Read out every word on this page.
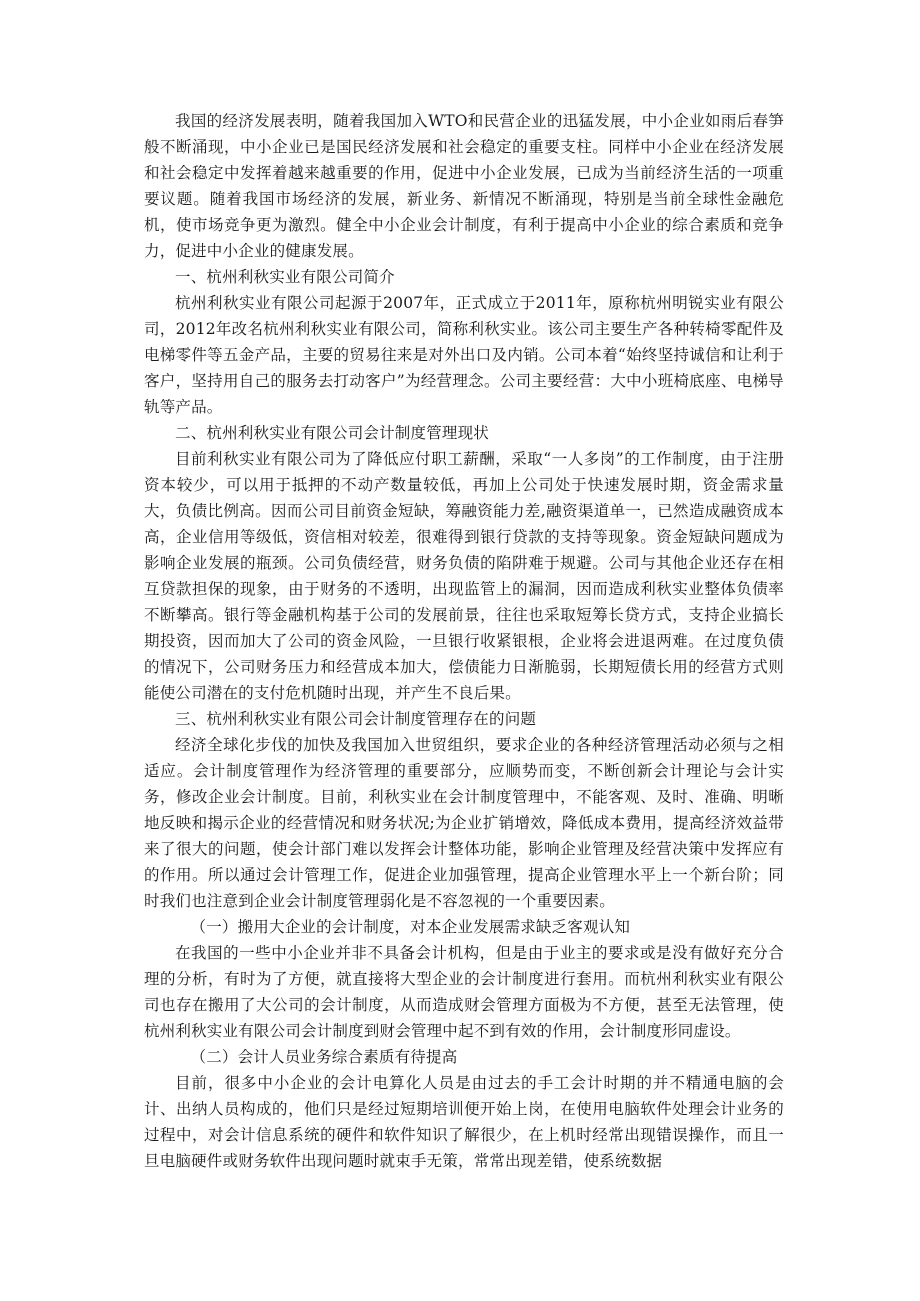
我国的经济发展表明，随着我国加入WTO和民营企业的迅猛发展，中小企业如雨后春笋般不断涌现，中小企业已是国民经济发展和社会稳定的重要支柱。同样中小企业在经济发展和社会稳定中发挥着越来越重要的作用，促进中小企业发展，已成为当前经济生活的一项重要议题。随着我国市场经济的发展，新业务、新情况不断涌现，特别是当前全球性金融危机，使市场竞争更为激烈。健全中小企业会计制度，有利于提高中小企业的综合素质和竞争力，促进中小企业的健康发展。

一、杭州利秋实业有限公司简介

杭州利秋实业有限公司起源于2007年，正式成立于2011年，原称杭州明锐实业有限公司，2012年改名杭州利秋实业有限公司，简称利秋实业。该公司主要生产各种转椅零配件及电梯零件等五金产品，主要的贸易往来是对外出口及内销。公司本着“始终坚持诚信和让利于客户，坚持用自己的服务去打动客户”为经营理念。公司主要经营：大中小班椅底座、电梯导轨等产品。

二、杭州利秋实业有限公司会计制度管理现状

目前利秋实业有限公司为了降低应付职工薪酬，采取“一人多岗”的工作制度，由于注册资本较少，可以用于抵押的不动产数量较低，再加上公司处于快速发展时期，资金需求量大，负债比例高。因而公司目前资金短缺，筹融资能力差,融资渠道单一，已然造成融资成本高，企业信用等级低，资信相对较差，很难得到银行贷款的支持等现象。资金短缺问题成为影响企业发展的瓶颈。公司负债经营，财务负债的陷阱难于规避。公司与其他企业还存在相互贷款担保的现象，由于财务的不透明，出现监管上的漏洞，因而造成利秋实业整体负债率不断攀高。银行等金融机构基于公司的发展前景，往往也采取短筹长贷方式，支持企业搞长期投资，因而加大了公司的资金风险，一旦银行收紧银根，企业将会进退两难。在过度负债的情况下，公司财务压力和经营成本加大，偿债能力日渐脆弱，长期短债长用的经营方式则能使公司潜在的支付危机随时出现，并产生不良后果。

三、杭州利秋实业有限公司会计制度管理存在的问题

经济全球化步伐的加快及我国加入世贸组织，要求企业的各种经济管理活动必须与之相适应。会计制度管理作为经济管理的重要部分，应顺势而变，不断创新会计理论与会计实务，修改企业会计制度。目前，利秋实业在会计制度管理中，不能客观、及时、准确、明晰地反映和揭示企业的经营情况和财务状况;为企业扩销增效，降低成本费用，提高经济效益带来了很大的问题，使会计部门难以发挥会计整体功能，影响企业管理及经营决策中发挥应有的作用。所以通过会计管理工作，促进企业加强管理，提高企业管理水平上一个新台阶；同时我们也注意到企业会计制度管理弱化是不容忽视的一个重要因素。

（一）搬用大企业的会计制度，对本企业发展需求缺乏客观认知

在我国的一些中小企业并非不具备会计机构，但是由于业主的要求或是没有做好充分合理的分析，有时为了方便，就直接将大型企业的会计制度进行套用。而杭州利秋实业有限公司也存在搬用了大公司的会计制度，从而造成财会管理方面极为不方便，甚至无法管理，使杭州利秋实业有限公司会计制度到财会管理中起不到有效的作用，会计制度形同虚设。

（二）会计人员业务综合素质有待提高

目前，很多中小企业的会计电算化人员是由过去的手工会计时期的并不精通电脑的会计、出纳人员构成的，他们只是经过短期培训便开始上岗，在使用电脑软件处理会计业务的过程中，对会计信息系统的硬件和软件知识了解很少，在上机时经常出现错误操作，而且一旦电脑硬件或财务软件出现问题时就束手无策，常常出现差错，使系统数据
